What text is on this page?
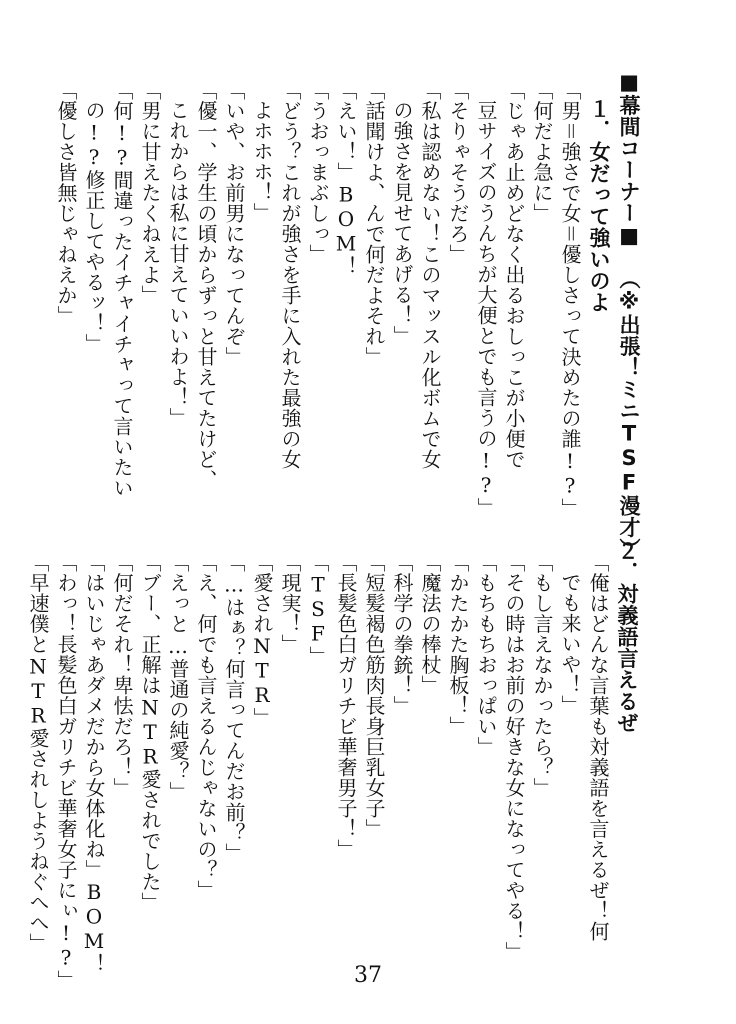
■幕間コーナー■
（※出張！ミニTSF漫才）
１．女だって強いのよ
「男＝強さで女＝優しさって決めたの誰!?」
「何だよ急に」
「じゃあ止めどなく出るおしっこが小便で
豆サイズのうんちが大便とでも言うの!?」
「そりゃそうだろ」
「私は認めない！このマッスル化ボムで女
の強さを見せてあげる！」
「話聞けよ、んで何だよそれ」
「えい！」BOM！
「うおっまぶしっ」
「どう？これが強さを手に入れた最強の女
よホホホ！」
「いや、お前男になってんぞ」
「優一、学生の頃からずっと甘えてたけど、
これからは私に甘えていいわよ！」
「男に甘えたくねえよ」
「何!?間違ったイチャイチャって言いたい
の!?修正してやるッ！」
「優しさ皆無じゃねえか」
２．対義語言えるぜ
「俺はどんな言葉も対義語を言えるぜ！何
でも来いや！」
「もし言えなかったら？」
「その時はお前の好きな女になってやる！」
「もちもちおっぱい」
「かたかた胸板！」
「魔法の棒杖」
「科学の拳銃！」
「短髪褐色筋肉長身巨乳女子」
「長髪色白ガリチビ華奢男子！」
「TSF」
「現実！」
「愛されNTR」
「…はぁ？何言ってんだお前？」
「え、何でも言えるんじゃないの？」
「えっと…普通の純愛？」
「ブー、正解はNTR愛されでした」
「何だそれ！卑怯だろ！」
「はいじゃあダメだから女体化ね」BOM！
「わっ！長髪色白ガリチビ華奢女子にぃ!?」
「早速僕とNTR愛されしようねぐへへ」
37
